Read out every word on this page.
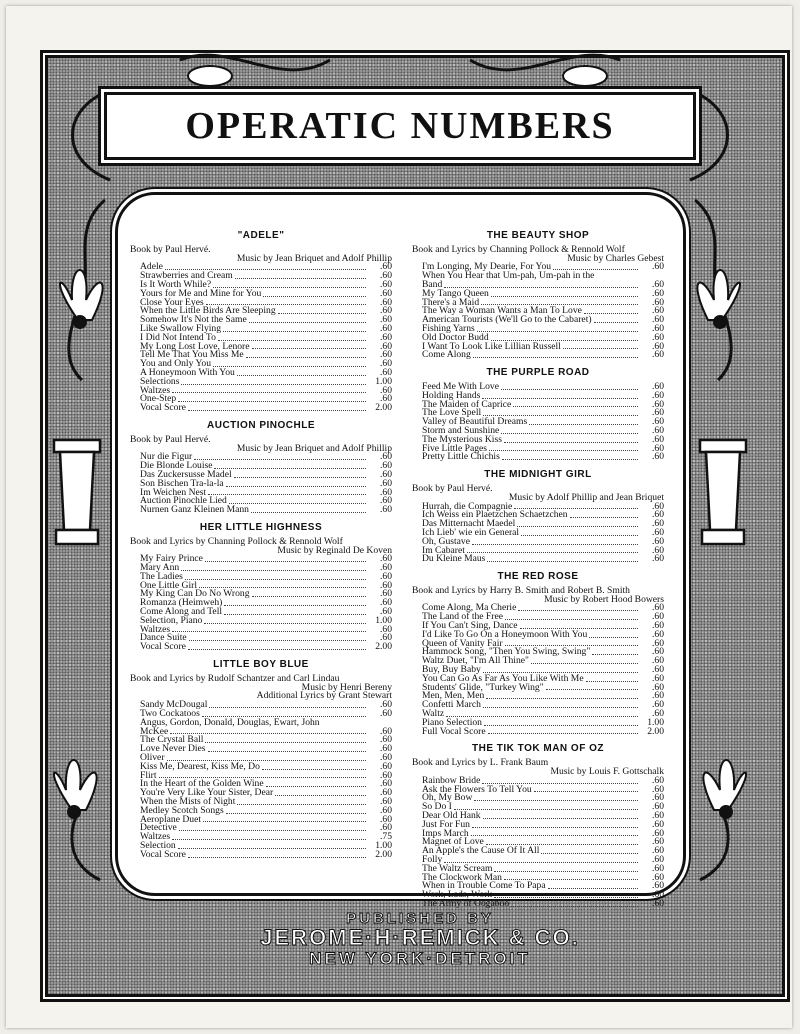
OPERATIC NUMBERS
"ADELE"
Book by Paul Hervé.
Music by Jean Briquet and Adolf Phillip
Adele	.60
Strawberries and Cream	.60
Is It Worth While?	.60
Yours for Me and Mine for You	.60
Close Your Eyes	.60
When the Little Birds Are Sleeping	.60
Somehow It's Not the Same	.60
Like Swallow Flying	.60
I Did Not Intend To	.60
My Long Lost Love, Lenore	.60
Tell Me That You Miss Me	.60
You and Only You	.60
A Honeymoon With You	.60
Selections	1.00
Waltzes	.60
One-Step	.60
Vocal Score	2.00
AUCTION PINOCHLE
Book by Paul Hervé.
Music by Jean Briquet and Adolf Phillip
Nur die Figur	.60
Die Blonde Louise	.60
Das Zuckersusse Madel	.60
Son Bischen Tra-la-la	.60
Im Weichen Nest	.60
Auction Pinochle Lied	.60
Nurnen Ganz Kleinen Mann	.60
HER LITTLE HIGHNESS
Book and Lyrics by Channing Pollock & Rennold Wolf
Music by Reginald De Koven
My Fairy Prince	.60
Mary Ann	.60
The Ladies	.60
One Little Girl	.60
My King Can Do No Wrong	.60
Romanza (Heimweh)	.60
Come Along and Tell	.60
Selection, Piano	1.00
Waltzes	.60
Dance Suite	.60
Vocal Score	2.00
LITTLE BOY BLUE
Book and Lyrics by Rudolf Schantzer and Carl Lindau
Music by Henri Bereny
Additional Lyrics by Grant Stewart
Sandy McDougal	.60
Two Cockatoos	.60
Angus, Gordon, Donald, Douglas, Ewart, John
McKee	.60
The Crystal Ball	.60
Love Never Dies	.60
Oliver	.60
Kiss Me, Dearest, Kiss Me, Do	.60
Flirt	.60
In the Heart of the Golden Wine	.60
You're Very Like Your Sister, Dear	.60
When the Mists of Night	.60
Medley Scotch Songs	.60
Aeroplane Duet	.60
Detective	.60
Waltzes	.75
Selection	1.00
Vocal Score	2.00
THE BEAUTY SHOP
Book and Lyrics by Channing Pollock & Rennold Wolf
Music by Charles Gebest
I'm Longing, My Dearie, For You	.60
When You Hear that Um-pah, Um-pah in the
Band	.60
My Tango Queen	.60
There's a Maid	.60
The Way a Woman Wants a Man To Love	.60
American Tourists (We'll Go to the Cabaret)	.60
Fishing Yarns	.60
Old Doctor Budd	.60
I Want To Look Like Lillian Russell	.60
Come Along	.60
THE PURPLE ROAD
Feed Me With Love	.60
Holding Hands	.60
The Maiden of Caprice	.60
The Love Spell	.60
Valley of Beautiful Dreams	.60
Storm and Sunshine	.60
The Mysterious Kiss	.60
Five Little Pages	.60
Pretty Little Chichis	.60
THE MIDNIGHT GIRL
Book by Paul Hervé.
Music by Adolf Phillip and Jean Briquet
Hurrah, die Compagnie	.60
Ich Weiss ein Plaetzchen Schaetzchen	.60
Das Mitternacht Maedel	.60
Ich Lieb' wie ein General	.60
Oh, Gustave	.60
Im Cabaret	.60
Du Kleine Maus	.60
THE RED ROSE
Book and Lyrics by Harry B. Smith and Robert B. Smith
Music by Robert Hood Bowers
Come Along, Ma Cherie	.60
The Land of the Free	.60
If You Can't Sing, Dance	.60
I'd Like To Go On a Honeymoon With You	.60
Queen of Vanity Fair	.60
Hammock Song, "Then You Swing, Swing"	.60
Waltz Duet, "I'm All Thine"	.60
Buy, Buy Baby	.60
You Can Go As Far As You Like With Me	.60
Students' Glide, "Turkey Wing"	.60
Men, Men, Men	.60
Confetti March	.60
Waltz	.60
Piano Selection	1.00
Full Vocal Score	2.00
THE TIK TOK MAN OF OZ
Book and Lyrics by L. Frank Baum
Music by Louis F. Gottschalk
Rainbow Bride	.60
Ask the Flowers To Tell You	.60
Oh, My Bow	.60
So Do I	.60
Dear Old Hank	.60
Just For Fun	.60
Imps March	.60
Magnet of Love	.60
An Apple's the Cause Of It All	.60
Folly	.60
The Waltz Scream	.60
The Clockwork Man	.60
When in Trouble Come To Papa	.60
Work, Lads, Work	.60
The Army of Oogaboo	.60
PUBLISHED BY
JEROME·H·REMICK & CO.
NEW YORK·DETROIT
